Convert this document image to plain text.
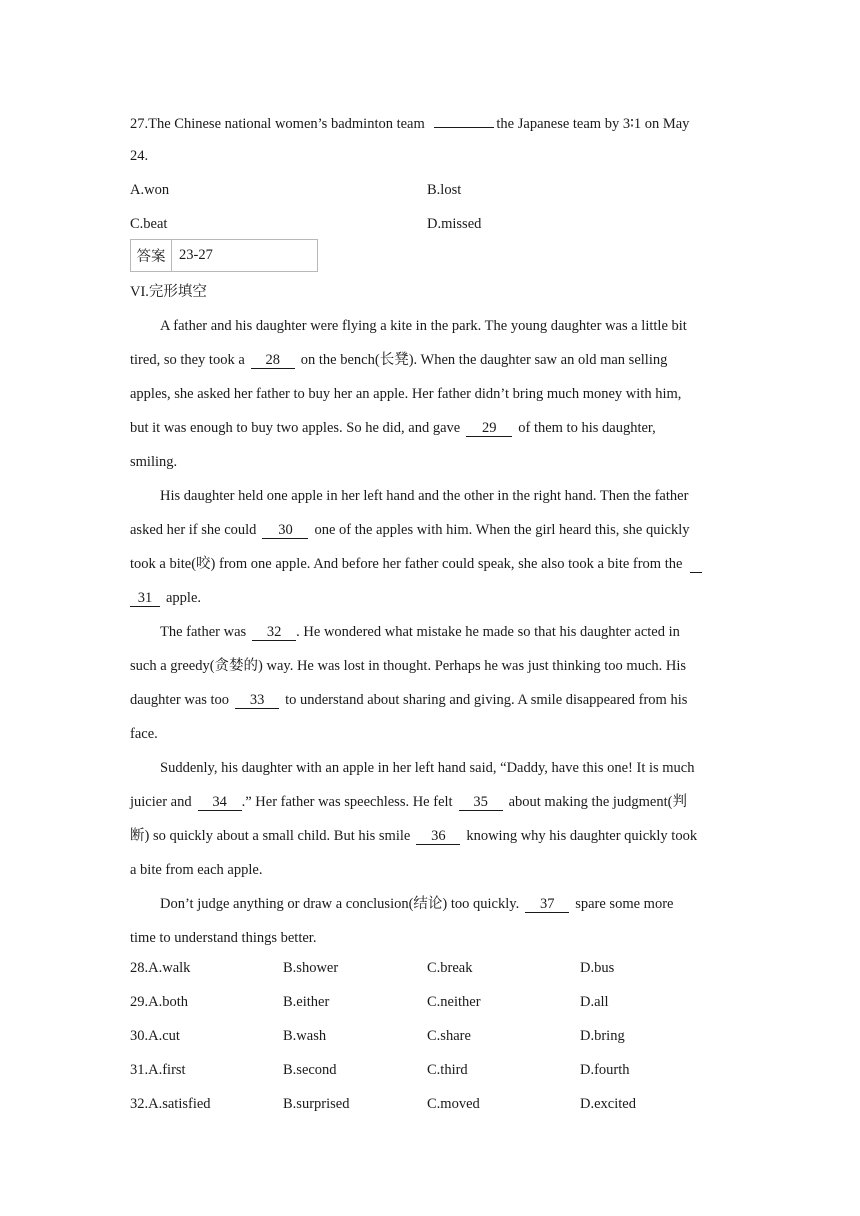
27.The Chinese national women’s badminton team	the Japanese team by 3∶1 on May
24.
A.won	B.lost
C.beat	D.missed
答案 23-27
VI.完形填空
A father and his daughter were flying a kite in the park. The young daughter was a little bit
tired, so they took a 28 on the bench(长凳). When the daughter saw an old man selling
apples, she asked her father to buy her an apple. Her father didn’t bring much money with him,
but it was enough to buy two apples. So he did, and gave 29 of them to his daughter,
smiling.
His daughter held one apple in her left hand and the other in the right hand. Then the father
asked her if she could 30 one of the apples with him. When the girl heard this, she quickly
took a bite(咬) from one apple. And before her father could speak, she also took a bite from the
31 apple.
The father was 32 . He wondered what mistake he made so that his daughter acted in
such a greedy(贪婪的) way. He was lost in thought. Perhaps he was just thinking too much. His
daughter was too 33 to understand about sharing and giving. A smile disappeared from his
face.
Suddenly, his daughter with an apple in her left hand said, “Daddy, have this one! It is much
juicier and 34 .” Her father was speechless. He felt 35 about making the judgment(判
断) so quickly about a small child. But his smile 36 knowing why his daughter quickly took
a bite from each apple.
Don’t judge anything or draw a conclusion(结论) too quickly. 37 spare some more
time to understand things better.
28.A.walk	B.shower	C.break	D.bus
29.A.both	B.either	C.neither	D.all
30.A.cut	B.wash	C.share	D.bring
31.A.first	B.second	C.third	D.fourth
32.A.satisfied	B.surprised	C.moved	D.excited
